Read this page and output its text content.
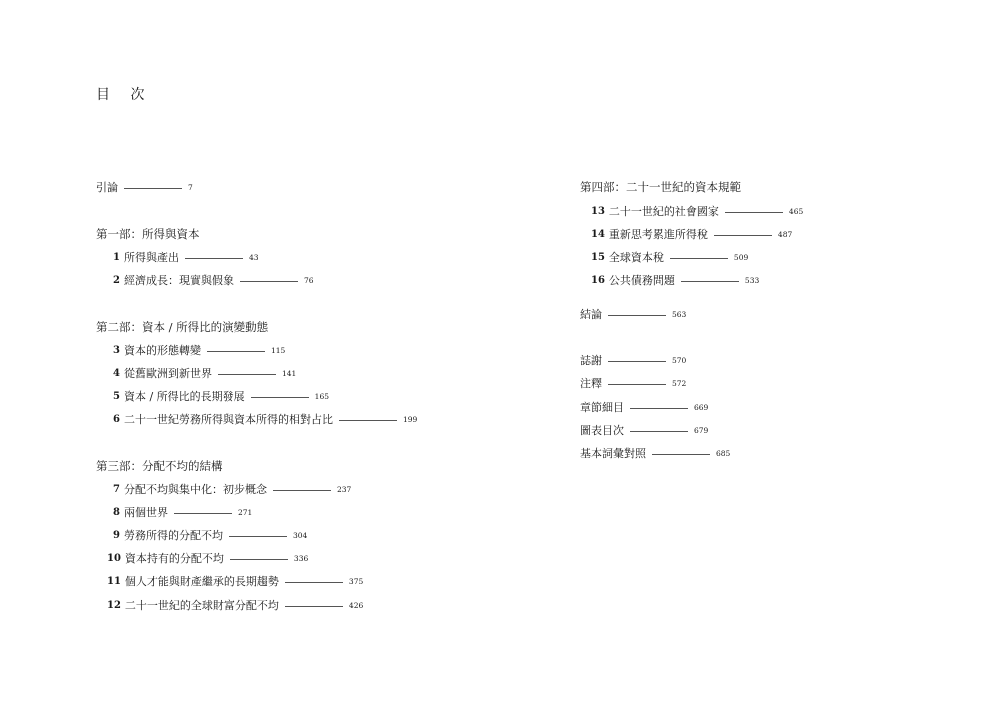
目 次
引論	7
第一部：所得與資本
1 所得與產出	43
2 經濟成長：現實與假象	76
第二部：資本 / 所得比的演變動態
3 資本的形態轉變	115
4 從舊歐洲到新世界	141
5 資本 / 所得比的長期發展	165
6 二十一世紀勞務所得與資本所得的相對占比	199
第三部：分配不均的結構
7 分配不均與集中化：初步概念	237
8 兩個世界	271
9 勞務所得的分配不均	304
10 資本持有的分配不均	336
11 個人才能與財產繼承的長期趨勢	375
12 二十一世紀的全球財富分配不均	426
第四部：二十一世紀的資本規範
13 二十一世紀的社會國家	465
14 重新思考累進所得稅	487
15 全球資本稅	509
16 公共債務問題	533
結論	563
誌謝	570
注釋	572
章節細目	669
圖表目次	679
基本詞彙對照	685
